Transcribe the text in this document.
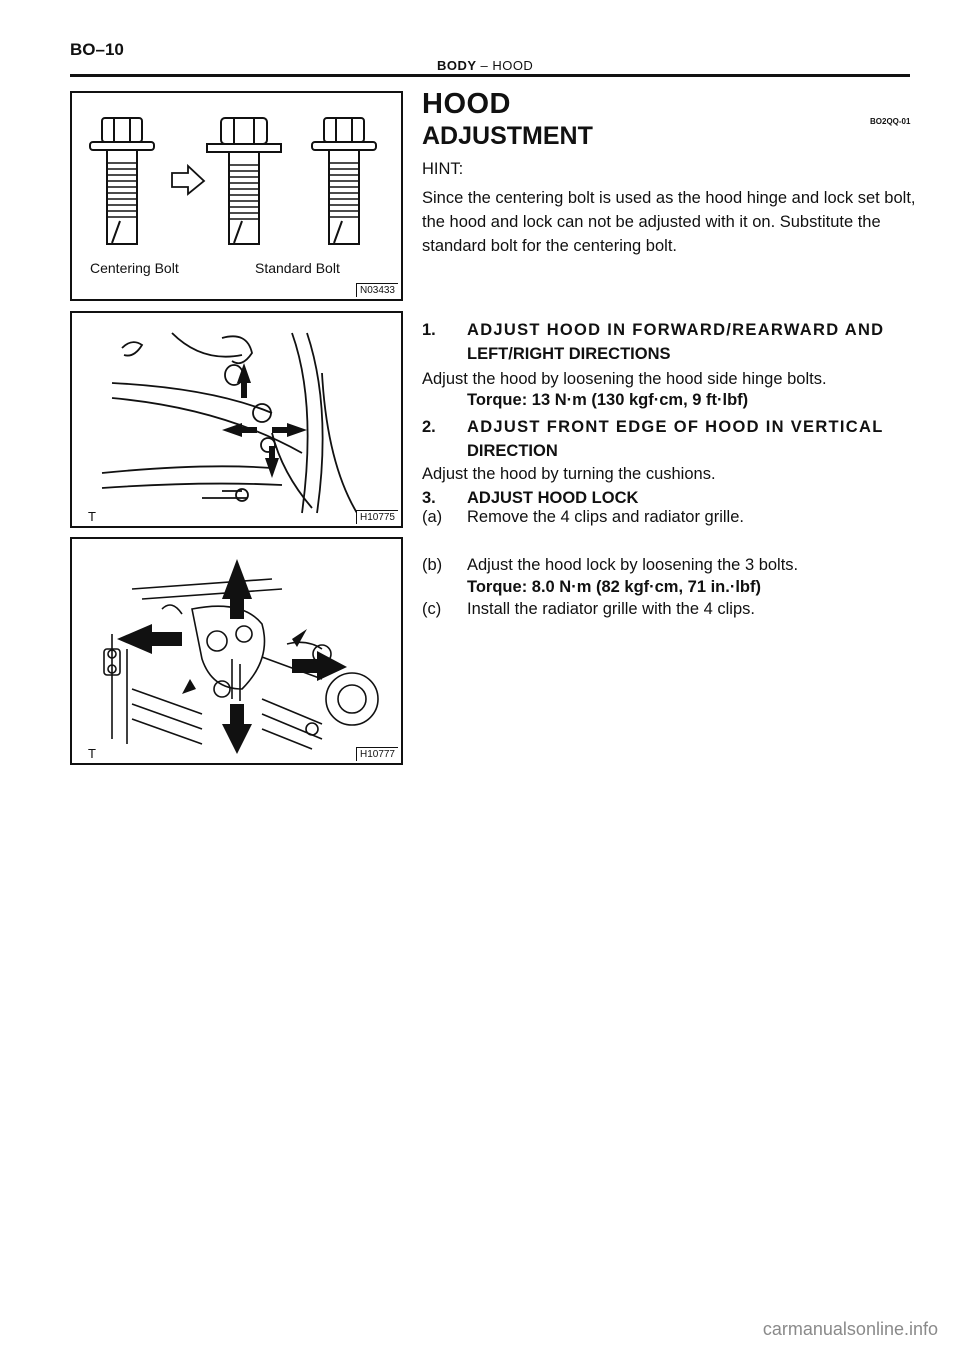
BO–10
BODY – HOOD
Centering Bolt	Standard Bolt
N03433
T	H10775
T	H10777
HOOD
BO2QQ-01
ADJUSTMENT
HINT:
Since the centering bolt is used as the hood hinge and lock set bolt, the hood and lock can not be adjusted with it on. Substitute the standard bolt for the centering bolt.
1. ADJUST HOOD IN FORWARD/REARWARD AND
LEFT/RIGHT DIRECTIONS
Adjust the hood by loosening the hood side hinge bolts.
Torque: 13 N·m (130 kgf·cm, 9 ft·lbf)
2. ADJUST FRONT EDGE OF HOOD IN VERTICAL
DIRECTION
Adjust the hood by turning the cushions.
3. ADJUST HOOD LOCK
(a) Remove the 4 clips and radiator grille.
(b) Adjust the hood lock by loosening the 3 bolts.
Torque: 8.0 N·m (82 kgf·cm, 71 in.·lbf)
(c) Install the radiator grille with the 4 clips.
carmanualsonline.info
